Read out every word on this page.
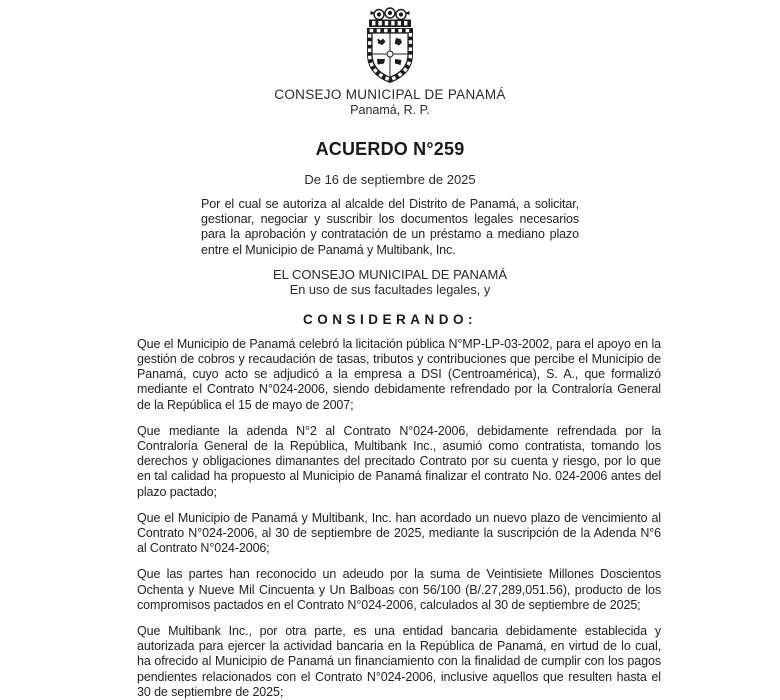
CONSEJO MUNICIPAL DE PANAMÁ
Panamá, R. P.
ACUERDO N°259
De 16 de septiembre de 2025
Por el cual se autoriza al alcalde del Distrito de Panamá, a solicitar, gestionar, negociar y suscribir los documentos legales necesarios para la aprobación y contratación de un préstamo a mediano plazo entre el Municipio de Panamá y Multibank, Inc.
EL CONSEJO MUNICIPAL DE PANAMÁ
En uso de sus facultades legales, y
CONSIDERANDO:

Que el Municipio de Panamá celebró la licitación pública N°MP-LP-03-2002, para el apoyo en la gestión de cobros y recaudación de tasas, tributos y contribuciones que percibe el Municipio de Panamá, cuyo acto se adjudicó a la empresa a DSI (Centroamérica), S. A., que formalizó mediante el Contrato N°024-2006, siendo debidamente refrendado por la Contraloría General de la República el 15 de mayo de 2007;

Que mediante la adenda N°2 al Contrato N°024-2006, debidamente refrendada por la Contraloría General de la República, Multibank Inc., asumió como contratista, tomando los derechos y obligaciones dimanantes del precitado Contrato por su cuenta y riesgo, por lo que en tal calidad ha propuesto al Municipio de Panamá finalizar el contrato No. 024-2006 antes del plazo pactado;

Que el Municipio de Panamá y Multibank, Inc. han acordado un nuevo plazo de vencimiento al Contrato N°024-2006, al 30 de septiembre de 2025, mediante la suscripción de la Adenda N°6 al Contrato N°024-2006;

Que las partes han reconocido un adeudo por la suma de Veintisiete Millones Doscientos Ochenta y Nueve Mil Cincuenta y Un Balboas con 56/100 (B/.27,289,051.56), producto de los compromisos pactados en el Contrato N°024-2006, calculados al 30 de septiembre de 2025;

Que Multibank Inc., por otra parte, es una entidad bancaria debidamente establecida y autorizada para ejercer la actividad bancaria en la República de Panamá, en virtud de lo cual, ha ofrecido al Municipio de Panamá un financiamiento con la finalidad de cumplir con los pagos pendientes relacionados con el Contrato N°024-2006, inclusive aquellos que resulten hasta el 30 de septiembre de 2025;
